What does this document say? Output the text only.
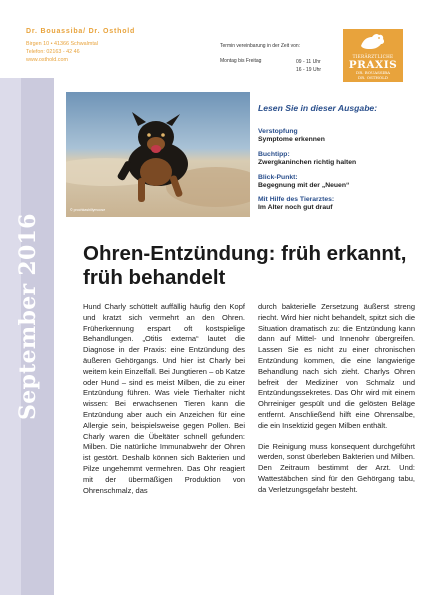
Dr. Bouassiba/ Dr. Osthold
Birgen 10 • 41366 Schwalmtal
Telefon: 02163 - 42 46
www.osthold.com
Termin vereinbarung in der Zeit von:
Montag bis Freitag	09 - 11 Uhr
16 - 19 Uhr
TIERÄRZTLICHE
PRAXIS
DR. BOUASSIBA
DR. OSTHOLD
September 2016
© prochkasbillymoose
Lesen Sie in dieser Ausgabe:
Verstopfung
Symptome erkennen
Buchtipp:
Zwergkaninchen richtig halten
Blick-Punkt:
Begegnung mit der „Neuen“
Mit Hilfe des Tierarztes:
Im Alter noch gut drauf
Ohren-Entzündung: früh erkannt, früh behandelt

Hund Charly schüttelt auffällig häufig den Kopf und kratzt sich vermehrt an den Ohren. Früherkennung erspart oft kostspielige Behandlungen. „Otitis externa“ lautet die Diagnose in der Praxis: eine Entzündung des äußeren Gehörgangs. Und hier ist Charly bei weitem kein Einzelfall. Bei Jungtieren – ob Katze oder Hund – sind es meist Milben, die zu einer Entzündung führen. Was viele Tierhalter nicht wissen: Bei erwachsenen Tieren kann die Entzündung aber auch ein Anzeichen für eine Allergie sein, beispielsweise gegen Pollen. Bei Charly waren die Übeltäter schnell gefunden: Milben. Die natürliche Immunabwehr der Ohren ist gestört. Deshalb können sich Bakterien und Pilze ungehemmt vermehren. Das Ohr reagiert mit der übermäßigen Produktion von Ohrenschmalz, das

durch bakterielle Zersetzung äußerst streng riecht. Wird hier nicht behandelt, spitzt sich die Situation dramatisch zu: die Entzündung kann dann auf Mittel- und Innenohr übergreifen. Lassen Sie es nicht zu einer chronischen Entzündung kommen, die eine langwierige Behandlung nach sich zieht. Charlys Ohren befreit der Mediziner von Schmalz und Entzündungssekretes. Das Ohr wird mit einem Ohrreiniger gespült und die gelösten Beläge entfernt. Anschließend hilft eine Ohrensalbe, die ein Insektizid gegen Milben enthält.

Die Reinigung muss konsequent durchgeführt werden, sonst überleben Bakterien und Milben. Den Zeitraum bestimmt der Arzt. Und: Wattestäbchen sind für den Gehörgang tabu, da Verletzungsgefahr besteht.
